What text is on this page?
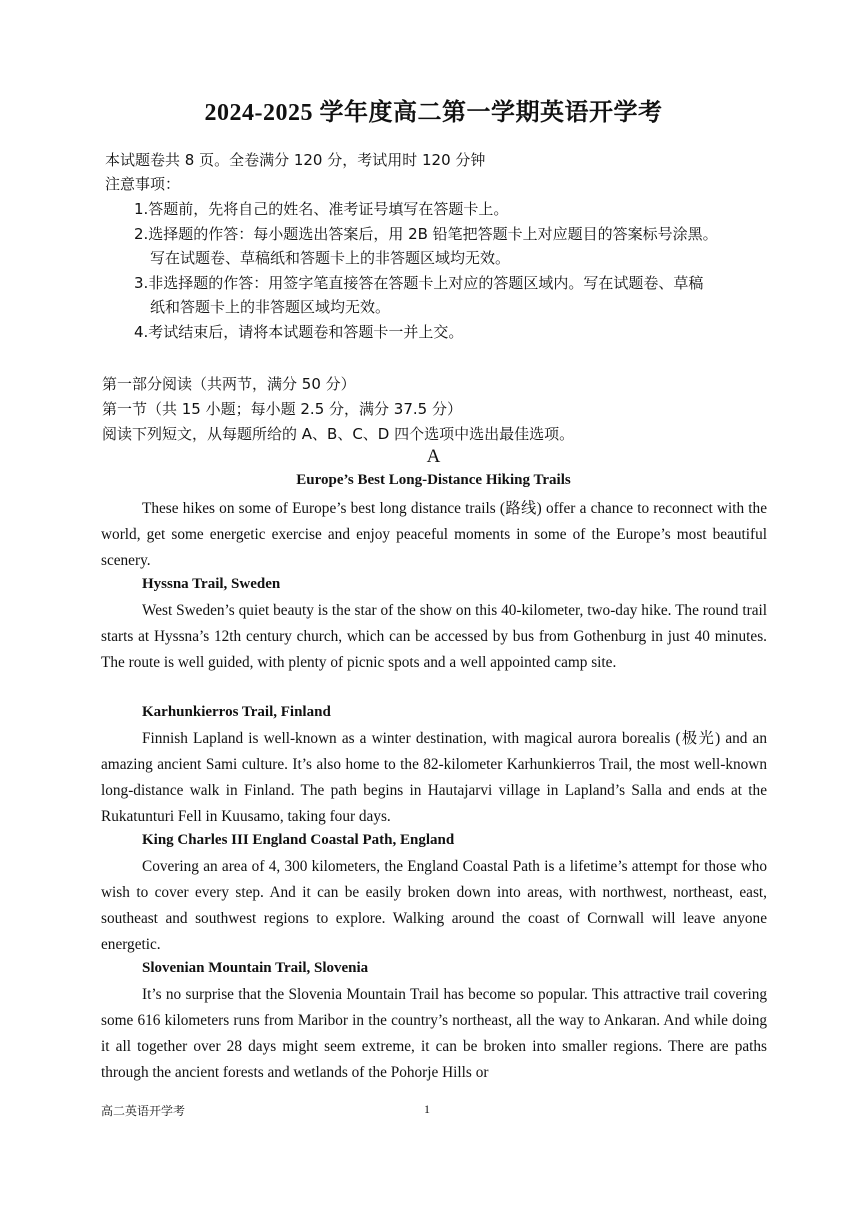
2024-2025 学年度高二第一学期英语开学考
本试题卷共 8 页。全卷满分 120 分，考试用时 120 分钟
注意事项：
1.答题前，先将自己的姓名、准考证号填写在答题卡上。
2.选择题的作答：每小题选出答案后，用 2B 铅笔把答题卡上对应题目的答案标号涂黑。
写在试题卷、草稿纸和答题卡上的非答题区域均无效。
3.非选择题的作答：用签字笔直接答在答题卡上对应的答题区域内。写在试题卷、草稿
纸和答题卡上的非答题区域均无效。
4.考试结束后，请将本试题卷和答题卡一并上交。
第一部分阅读（共两节，满分 50 分）
第一节（共 15 小题；每小题 2.5 分，满分 37.5 分）
阅读下列短文，从每题所给的 A、B、C、D 四个选项中选出最佳选项。
A
Europe’s Best Long-Distance Hiking Trails

These hikes on some of Europe’s best long distance trails (路线) offer a chance to reconnect with the world, get some energetic exercise and enjoy peaceful moments in some of the Europe’s most beautiful scenery.

Hyssna Trail, Sweden

West Sweden’s quiet beauty is the star of the show on this 40-kilometer, two-day hike. The round trail starts at Hyssna’s 12th century church, which can be accessed by bus from Gothenburg in just 40 minutes. The route is well guided, with plenty of picnic spots and a well appointed camp site.

Karhunkierros Trail, Finland

Finnish Lapland is well-known as a winter destination, with magical aurora borealis (极光) and an amazing ancient Sami culture. It’s also home to the 82-kilometer Karhunkierros Trail, the most well-known long-distance walk in Finland. The path begins in Hautajarvi village in Lapland’s Salla and ends at the Rukatunturi Fell in Kuusamo, taking four days.

King Charles III England Coastal Path, England

Covering an area of 4, 300 kilometers, the England Coastal Path is a lifetime’s attempt for those who wish to cover every step. And it can be easily broken down into areas, with northwest, northeast, east, southeast and southwest regions to explore. Walking around the coast of Cornwall will leave anyone energetic.

Slovenian Mountain Trail, Slovenia

It’s no surprise that the Slovenia Mountain Trail has become so popular. This attractive trail covering some 616 kilometers runs from Maribor in the country’s northeast, all the way to Ankaran. And while doing it all together over 28 days might seem extreme, it can be broken into smaller regions. There are paths through the ancient forests and wetlands of the Pohorje Hills or

高二英语开学考	1
